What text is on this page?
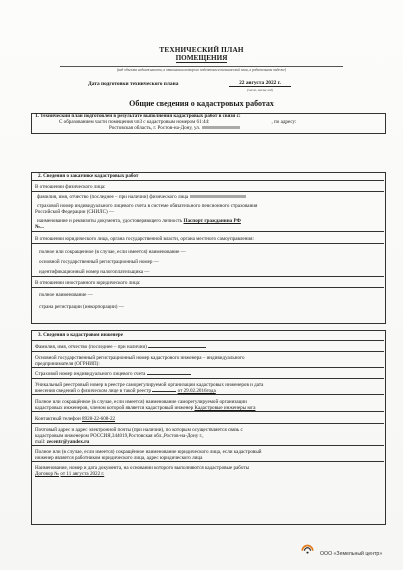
ТЕХНИЧЕСКИЙ ПЛАН
ПОМЕЩЕНИЯ
(вид объекта недвижимости, в отношении которого подготовлен технический план, в родительном падеже)
Дата подготовки технического плана	22 августа 2022 г.
(число, месяц год)
Общие сведения о кадастровых работах
1. Технический план подготовлен в результате выполнения кадастровых работ в связи с:
С образованием части помещения чпЗ с кадастровым номером 61:44:	, по адресу:
Ростовская область, г. Ростов-на-Дону, ул.
2. Сведения о заказчике кадастровых работ
В отношении физического лица:
фамилия, имя, отчество (последнее – при наличии) физического лица
страховой номер индивидуального лицевого счета в системе обязательного пенсионного страхования
Российской Федерации (СНИЛС) —
наименование и реквизиты документа, удостоверяющего личность Паспорт гражданина РФ
№...
В отношении юридического лица, органа государственной власти, органа местного самоуправления:
полное или сокращенное (в случае, если имеется) наименование —
основной государственный регистрационный номер —
идентификационный номер налогоплательщика —
В отношении иностранного юридического лица:
полное наименование —
страна регистрации (инкорпорации) —
3. Сведения о кадастровом инженере
Фамилия, имя, отчество (последнее – при наличии)
Основной государственный регистрационный номер кадастрового инженера – индивидуального
предпринимателя (ОГРНИП):
Страховой номер индивидуального лицевого счета
Уникальный реестровый номер в реестре саморегулируемой организации кадастровых инженеров и дата
внесения сведений о физическом лице в такой реестр	от 29.02.2016года
Полное или сокращённое (в случае, если имеется) наименование саморегулируемой организации
кадастровых инженеров, членом которой является кадастровый инженер Кадастровые инженеры юга
Контактный телефон 8928-22-608-22
Почтовый адрес и адрес электронной почты (при наличии), по которым осуществляется связь с
кадастровым инженером РОССИЯ,344019,Ростовская обл.,Ростов-на-Дону г.,
mail: zecentr@yandex.ru
Полное или (в случае, если имеется) сокращённое наименование юридического лица, если кадастровый
инженер является работником юридического лица, адрес юридического лица
Наименование, номер и дата документа, на основании которого выполняются кадастровые работы
Договор № от 11 августа 2022 г.
ООО «Земельный центр»
